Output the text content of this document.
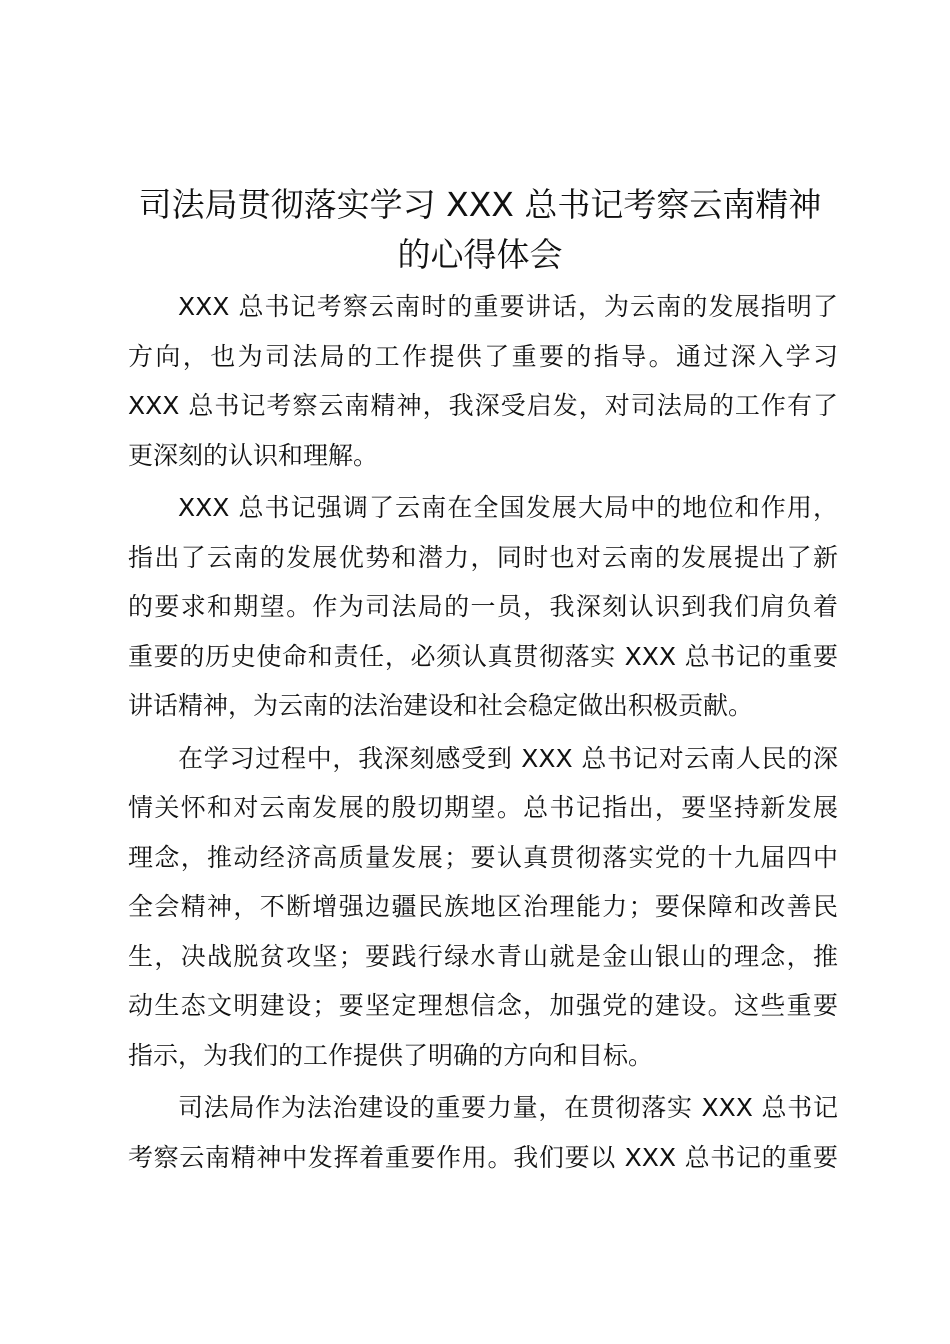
司法局贯彻落实学习 XXX 总书记考察云南精神
的心得体会

XXX 总书记考察云南时的重要讲话，为云南的发展指明了
方向，也为司法局的工作提供了重要的指导。通过深入学习
XXX 总书记考察云南精神，我深受启发，对司法局的工作有了
更深刻的认识和理解。

XXX 总书记强调了云南在全国发展大局中的地位和作用，
指出了云南的发展优势和潜力，同时也对云南的发展提出了新
的要求和期望。作为司法局的一员，我深刻认识到我们肩负着
重要的历史使命和责任，必须认真贯彻落实 XXX 总书记的重要
讲话精神，为云南的法治建设和社会稳定做出积极贡献。

在学习过程中，我深刻感受到 XXX 总书记对云南人民的深
情关怀和对云南发展的殷切期望。总书记指出，要坚持新发展
理念，推动经济高质量发展；要认真贯彻落实党的十九届四中
全会精神，不断增强边疆民族地区治理能力；要保障和改善民
生，决战脱贫攻坚；要践行绿水青山就是金山银山的理念，推
动生态文明建设；要坚定理想信念，加强党的建设。这些重要
指示，为我们的工作提供了明确的方向和目标。

司法局作为法治建设的重要力量，在贯彻落实 XXX 总书记
考察云南精神中发挥着重要作用。我们要以 XXX 总书记的重要
